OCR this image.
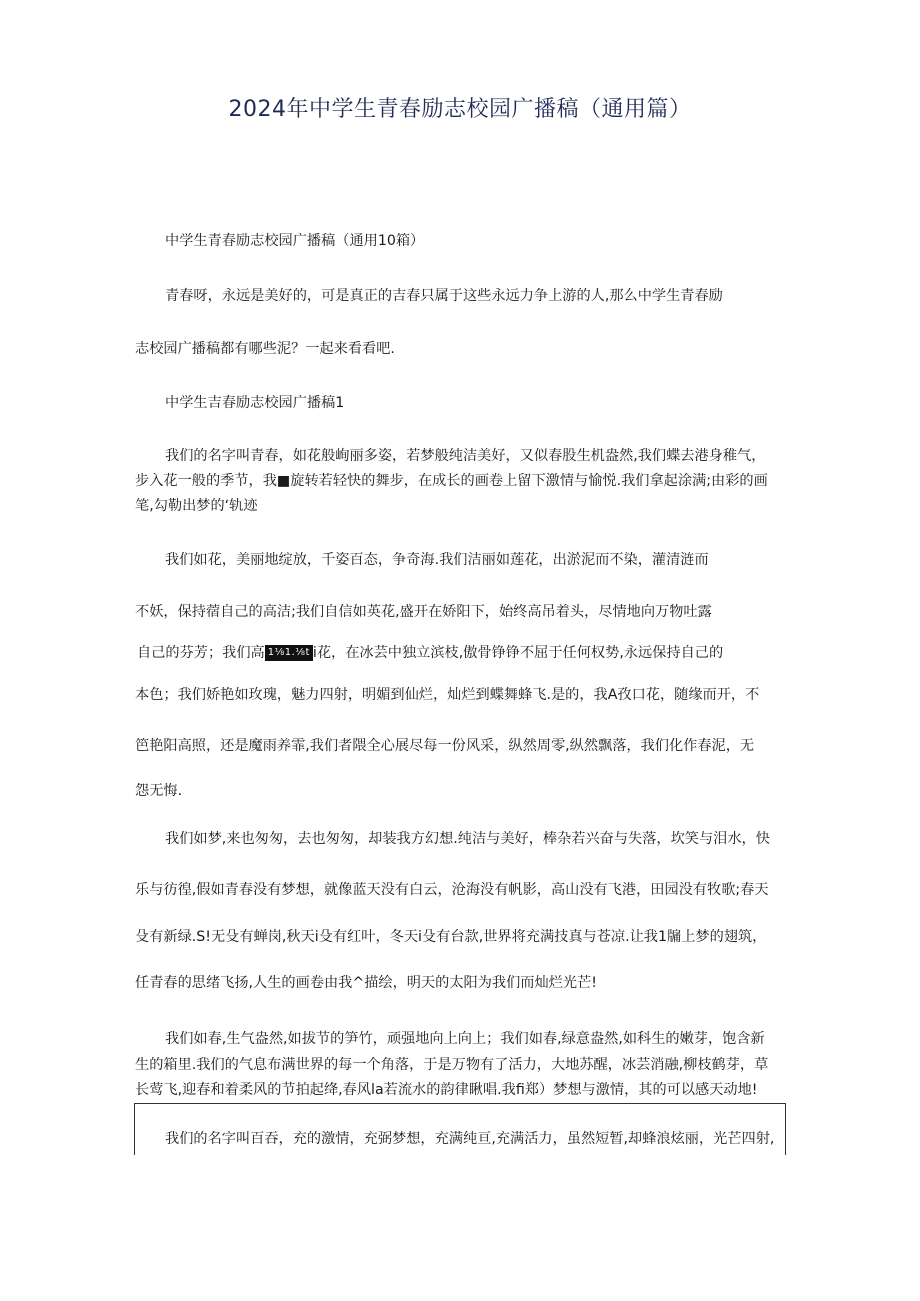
2024年中学生青春励志校园广播稿（通用篇）
中学生青春励志校园广播稿（通用10箱）
青春呀，永远是美好的，可是真正的吉春只属于这些永远力争上游的人,那么中学生青春励
志校园广播稿都有哪些泥？一起来看看吧.
中学生吉春励志校园广播稿1
我们的名字叫青春，如花般峋丽多姿，若梦般纯洁美好，又似春股生机盎然,我们蝶去港身稚气，
步入花一般的季节，我■旋转若轻快的舞步，在成长的画卷上留下激情与愉悦.我们拿起涂满;由彩的画
笔,勾勒出梦的‘轨迹
我们如花，美丽地绽放，千姿百态，争奇海.我们洁丽如莲花，出淤泥而不染，灌清涟而
不妖，保持蓿自己的高洁;我们自信如英花,盛开在娇阳下，始终高吊着头，尽情地向万物吐露
自己的芬芳；我们高 1⅛1.⅛t i花，在冰芸中独立滨枝,傲骨铮铮不屈于任何权势,永远保持自己的
本色；我们娇艳如玫瑰，魅力四射，明媚到仙烂，灿烂到蝶舞蜂飞.是的，我A孜口花，随缘而开，不
笆艳阳高照，还是魔雨养霏,我们者隈全心展尽每一份风采，纵然周零,纵然飘落，我们化作春泥，无
怨无悔.
我们如梦,来也匆匆，去也匆匆，却装我方幻想.纯洁与美好，棒杂若兴奋与失落，坎笑与泪水，快
乐与彷徨,假如青春没有梦想，就像蓝天没有白云，沧海没有帆影，高山没有飞港，田园没有牧歌;春天
殳有新绿.S!无殳有蝉岗,秋天i殳有红叶，冬天i殳有台款,世界将充满技真与苍凉.让我1牖上梦的翅筑，
任青春的思绪飞扬,人生的画卷由我^描绘，明天的太阳为我们而灿烂光芒!
我们如春,生气盎然,如拔节的笋竹，顽强地向上向上；我们如春,绿意盎然,如科生的嫩芽，饱含新
生的箱里.我们的气息布满世界的每一个角落，于是万物有了活力，大地苏醒，冰芸消融,柳枝鹤芽，草
长莺飞,迎春和着柔风的节拍起绛,春风la若流水的韵律瞅唱.我fi郑）梦想与激情，其的可以感天动地!
我们的名字叫百吞，充的激情，充弼梦想，充满纯亘,充满活力，虽然短暂,却蜂浪炫丽，光芒四射,
